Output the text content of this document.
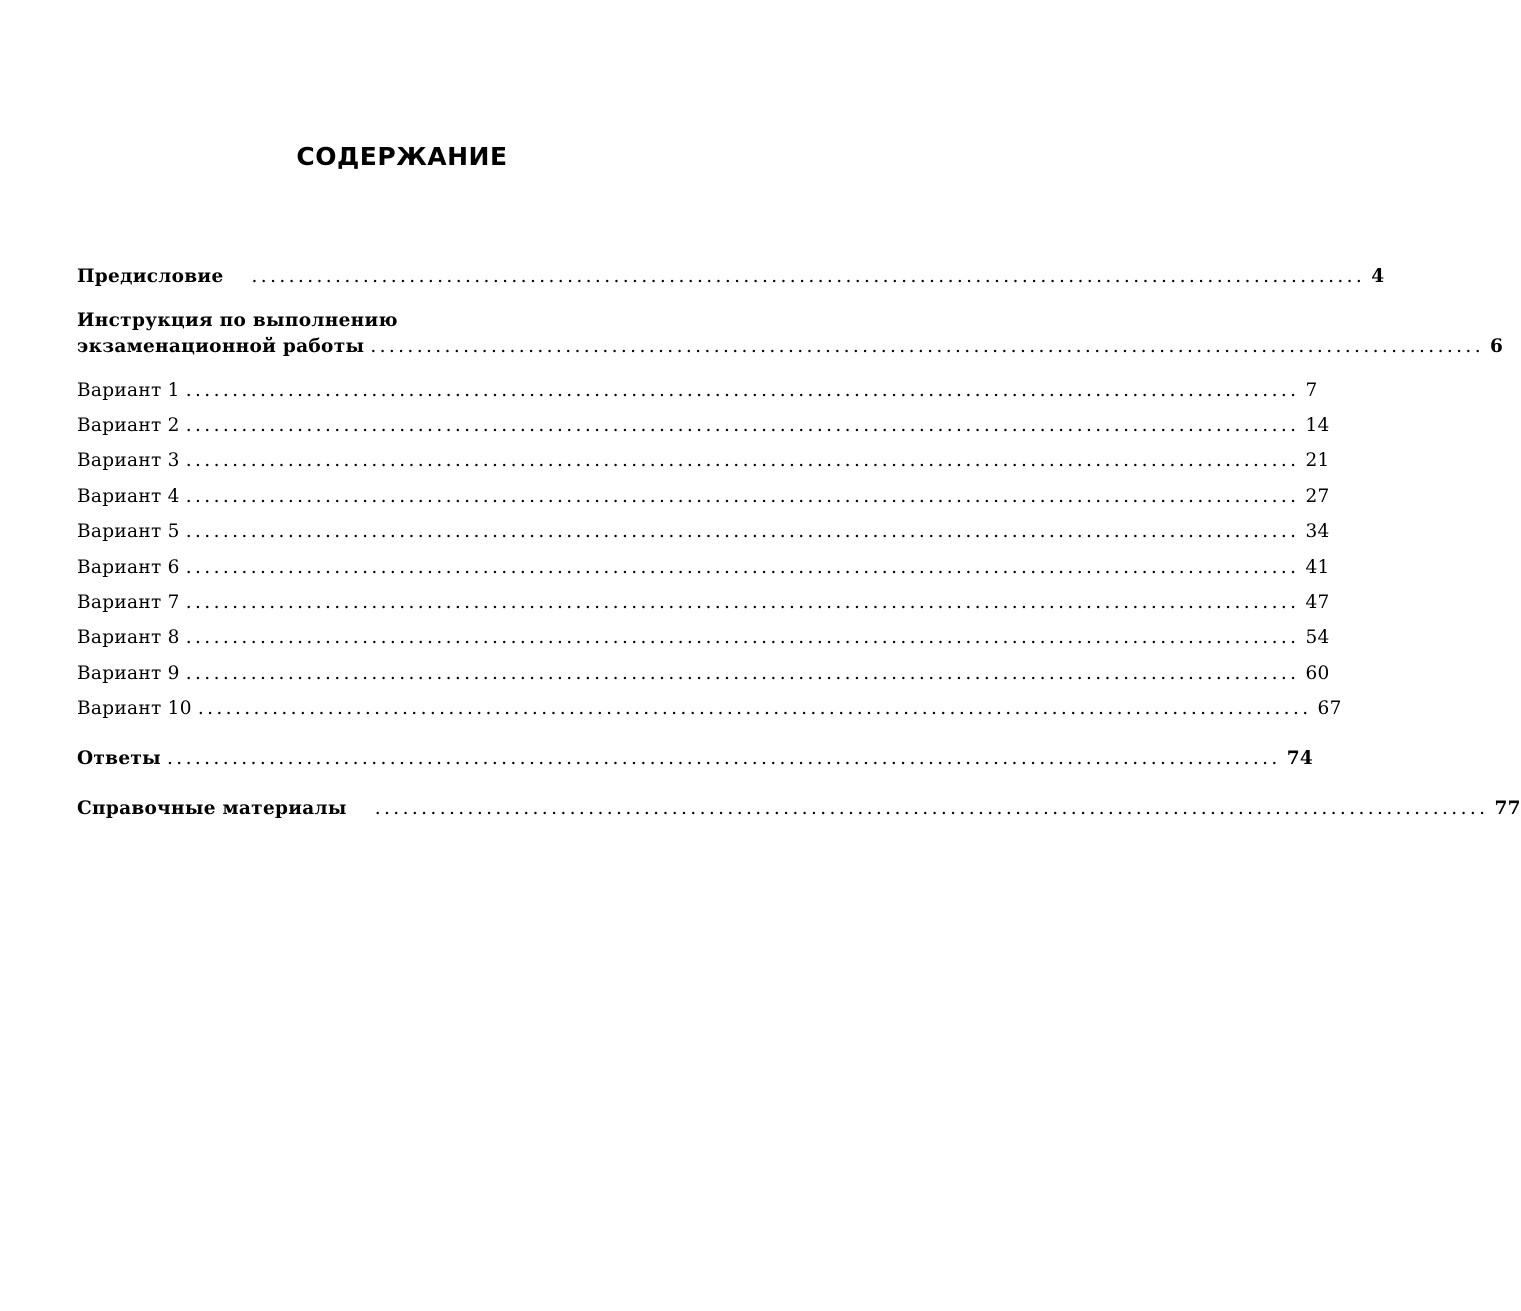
СОДЕРЖАНИЕ
Предисловие	........................................................................................................................ 4
Инструкция по выполнению
экзаменационной работы ........................................................................................................................ 6
Вариант 1 ........................................................................................................................ 7
Вариант 2 ........................................................................................................................ 14
Вариант 3 ........................................................................................................................ 21
Вариант 4 ........................................................................................................................ 27
Вариант 5 ........................................................................................................................ 34
Вариант 6 ........................................................................................................................ 41
Вариант 7 ........................................................................................................................ 47
Вариант 8 ........................................................................................................................ 54
Вариант 9 ........................................................................................................................ 60
Вариант 10 ........................................................................................................................ 67
Ответы ........................................................................................................................ 74
Справочные материалы	........................................................................................................................ 77
